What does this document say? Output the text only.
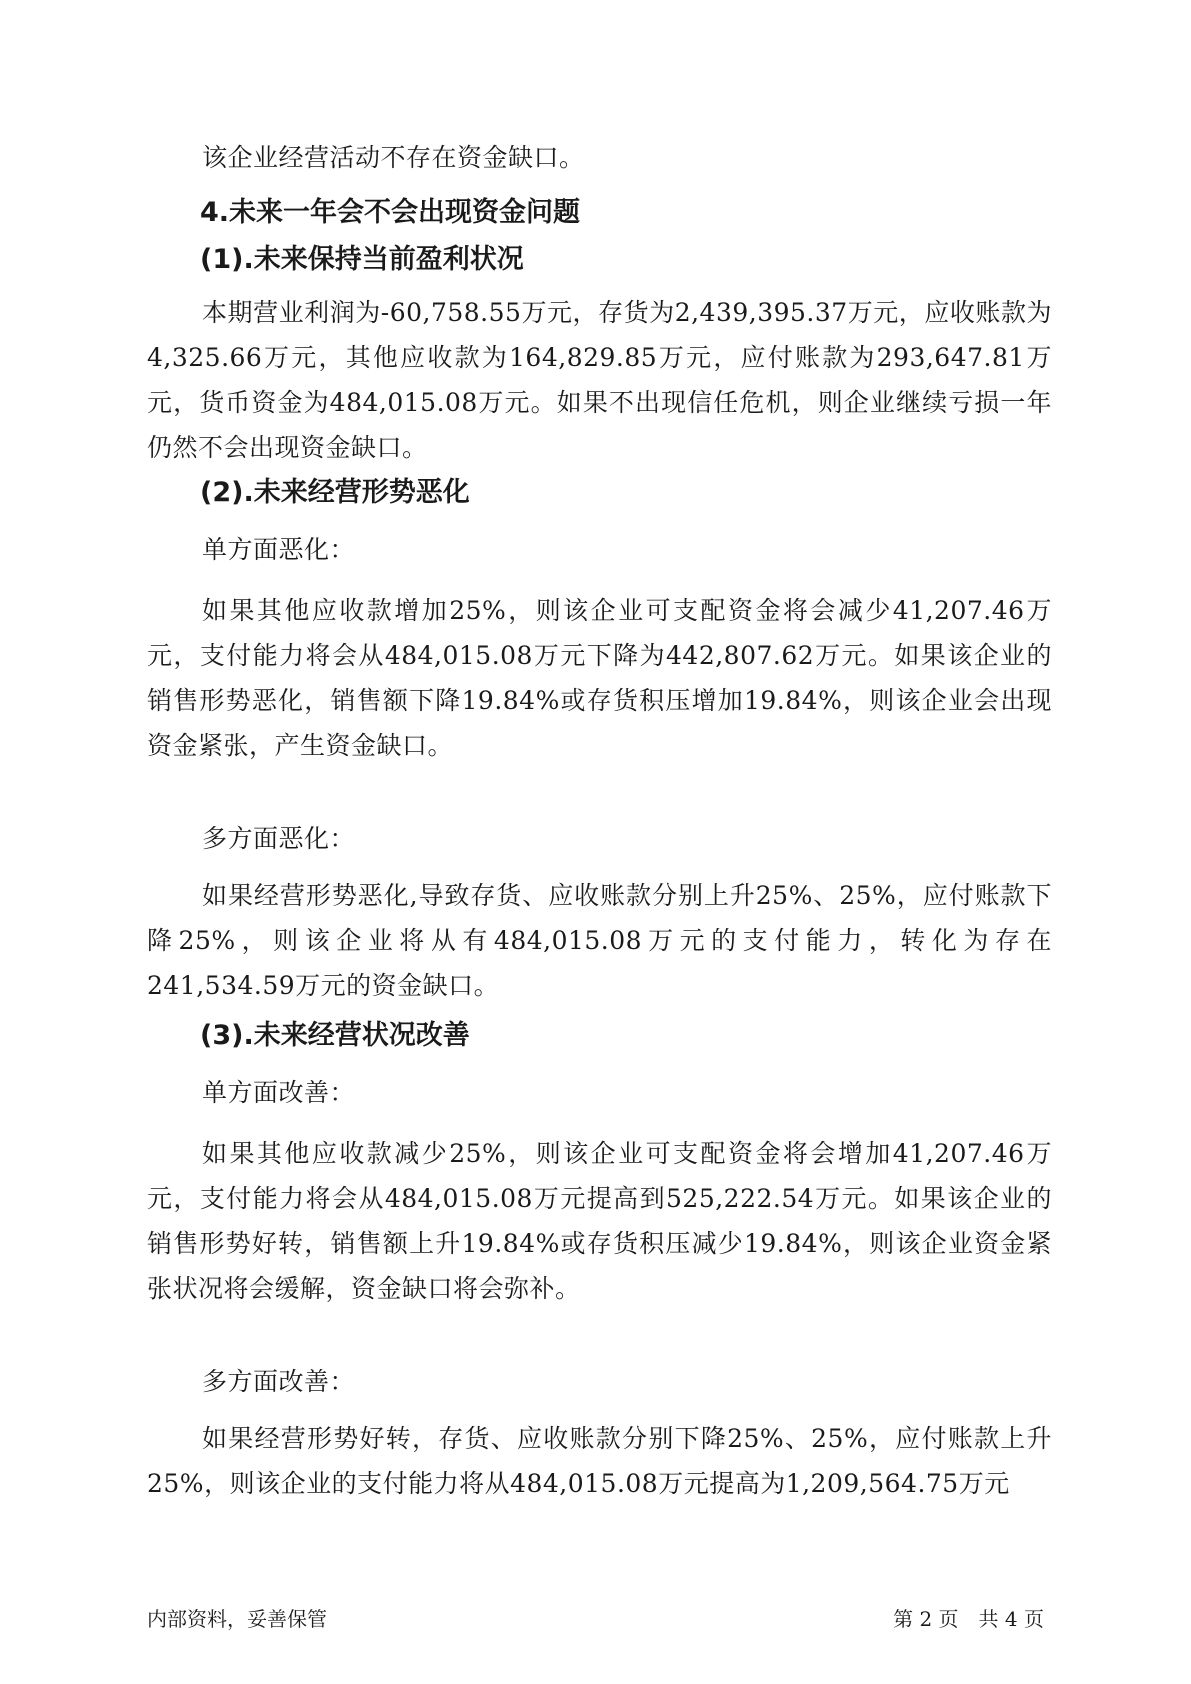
该企业经营活动不存在资金缺口。

4.未来一年会不会出现资金问题
(1).未来保持当前盈利状况

本期营业利润为-60,758.55万元，存货为2,439,395.37万元，应收账款为4,325.66万元，其他应收款为164,829.85万元，应付账款为293,647.81万元，货币资金为484,015.08万元。如果不出现信任危机，则企业继续亏损一年仍然不会出现资金缺口。

(2).未来经营形势恶化

单方面恶化：

如果其他应收款增加25%，则该企业可支配资金将会减少41,207.46万元，支付能力将会从484,015.08万元下降为442,807.62万元。如果该企业的销售形势恶化，销售额下降19.84%或存货积压增加19.84%，则该企业会出现资金紧张，产生资金缺口。

多方面恶化：

如果经营形势恶化,导致存货、应收账款分别上升25%、25%，应付账款下降25%，则该企业将从有484,015.08万元的支付能力，转化为存在241,534.59万元的资金缺口。

(3).未来经营状况改善

单方面改善：

如果其他应收款减少25%，则该企业可支配资金将会增加41,207.46万元，支付能力将会从484,015.08万元提高到525,222.54万元。如果该企业的销售形势好转，销售额上升19.84%或存货积压减少19.84%，则该企业资金紧张状况将会缓解，资金缺口将会弥补。

多方面改善：

如果经营形势好转，存货、应收账款分别下降25%、25%，应付账款上升25%，则该企业的支付能力将从484,015.08万元提高为1,209,564.75万元

内部资料，妥善保管	第 2 页　共 4 页
